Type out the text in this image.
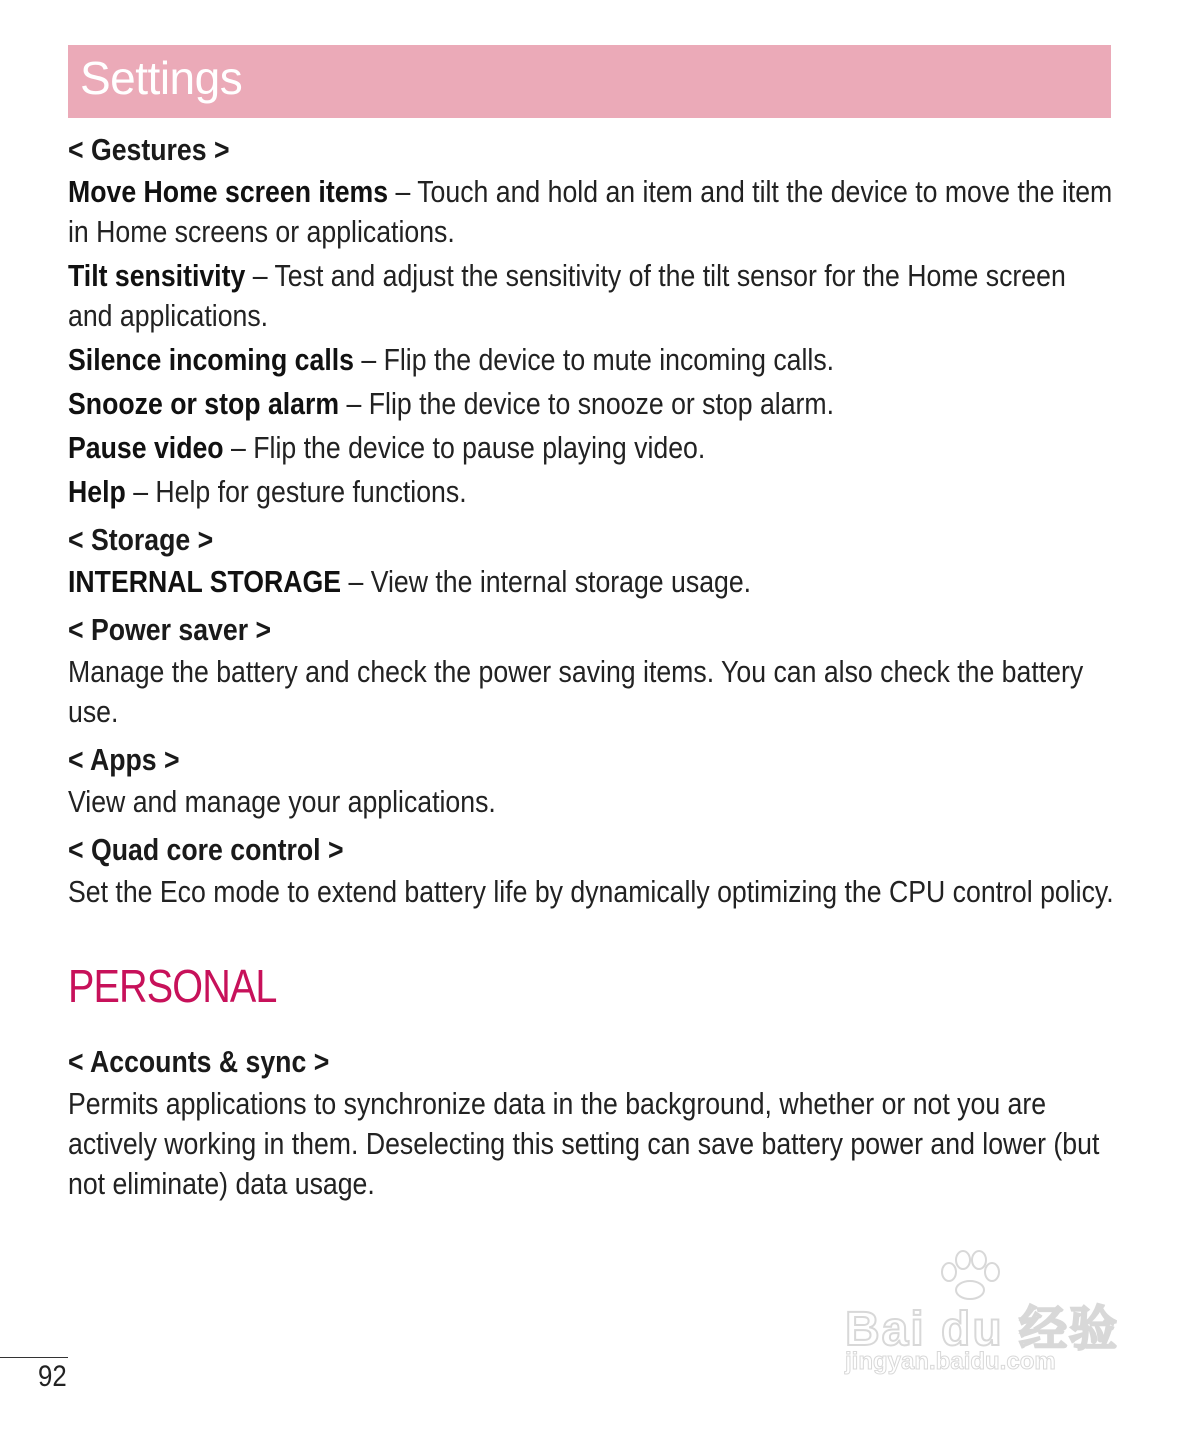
Settings

< Gestures >

Move Home screen items – Touch and hold an item and tilt the device to move the item in Home screens or applications.

Tilt sensitivity – Test and adjust the sensitivity of the tilt sensor for the Home screen and applications.

Silence incoming calls – Flip the device to mute incoming calls.

Snooze or stop alarm – Flip the device to snooze or stop alarm.

Pause video – Flip the device to pause playing video.

Help – Help for gesture functions.

< Storage >

INTERNAL STORAGE – View the internal storage usage.

< Power saver >

Manage the battery and check the power saving items. You can also check the battery use.

< Apps >

View and manage your applications.

< Quad core control >

Set the Eco mode to extend battery life by dynamically optimizing the CPU control policy.

PERSONAL

< Accounts & sync >

Permits applications to synchronize data in the background, whether or not you are actively working in them. Deselecting this setting can save battery power and lower (but not eliminate) data usage.

92
Bai du 经验
jingyan.baidu.com
